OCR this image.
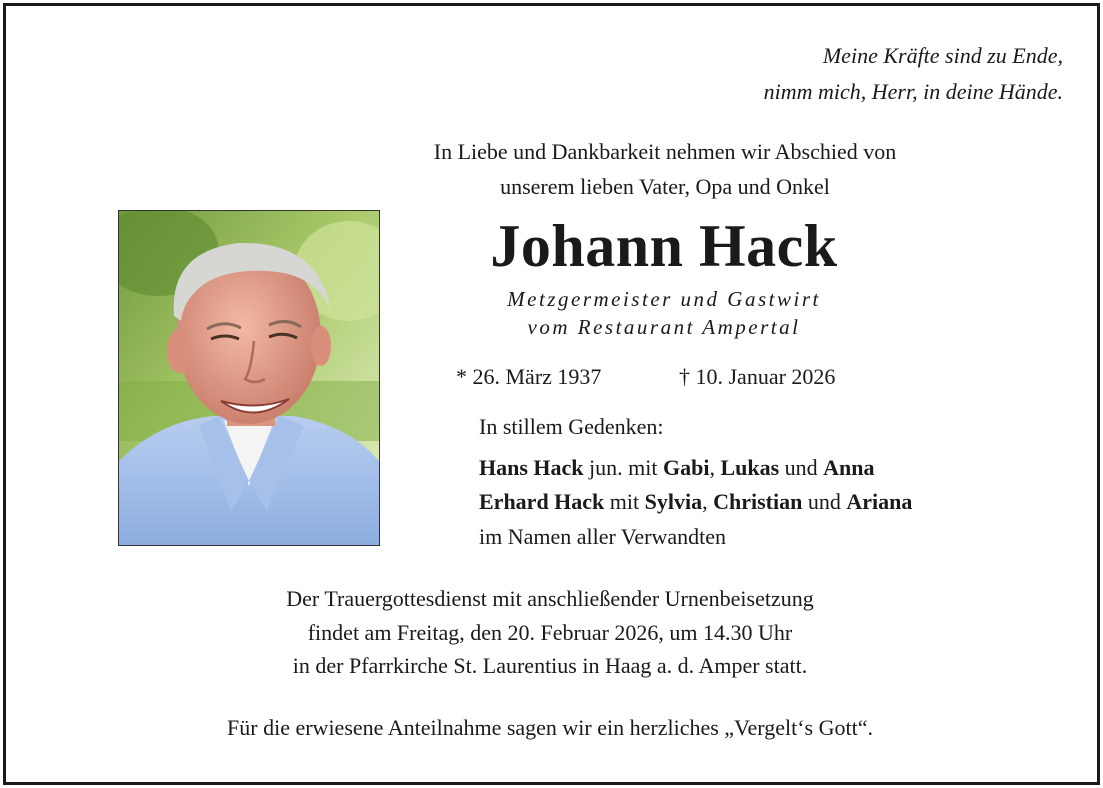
Meine Kräfte sind zu Ende,
nimm mich, Herr, in deine Hände.
In Liebe und Dankbarkeit nehmen wir Abschied von
unserem lieben Vater, Opa und Onkel
Johann Hack
Metzgermeister und Gastwirt
vom Restaurant Ampertal
* 26. März 1937	† 10. Januar 2026
In stillem Gedenken:
Hans Hack jun. mit Gabi, Lukas und Anna
Erhard Hack mit Sylvia, Christian und Ariana
im Namen aller Verwandten
Der Trauergottesdienst mit anschließender Urnenbeisetzung
findet am Freitag, den 20. Februar 2026, um 14.30 Uhr
in der Pfarrkirche St. Laurentius in Haag a. d. Amper statt.
Für die erwiesene Anteilnahme sagen wir ein herzliches „Vergelt‘s Gott“.
